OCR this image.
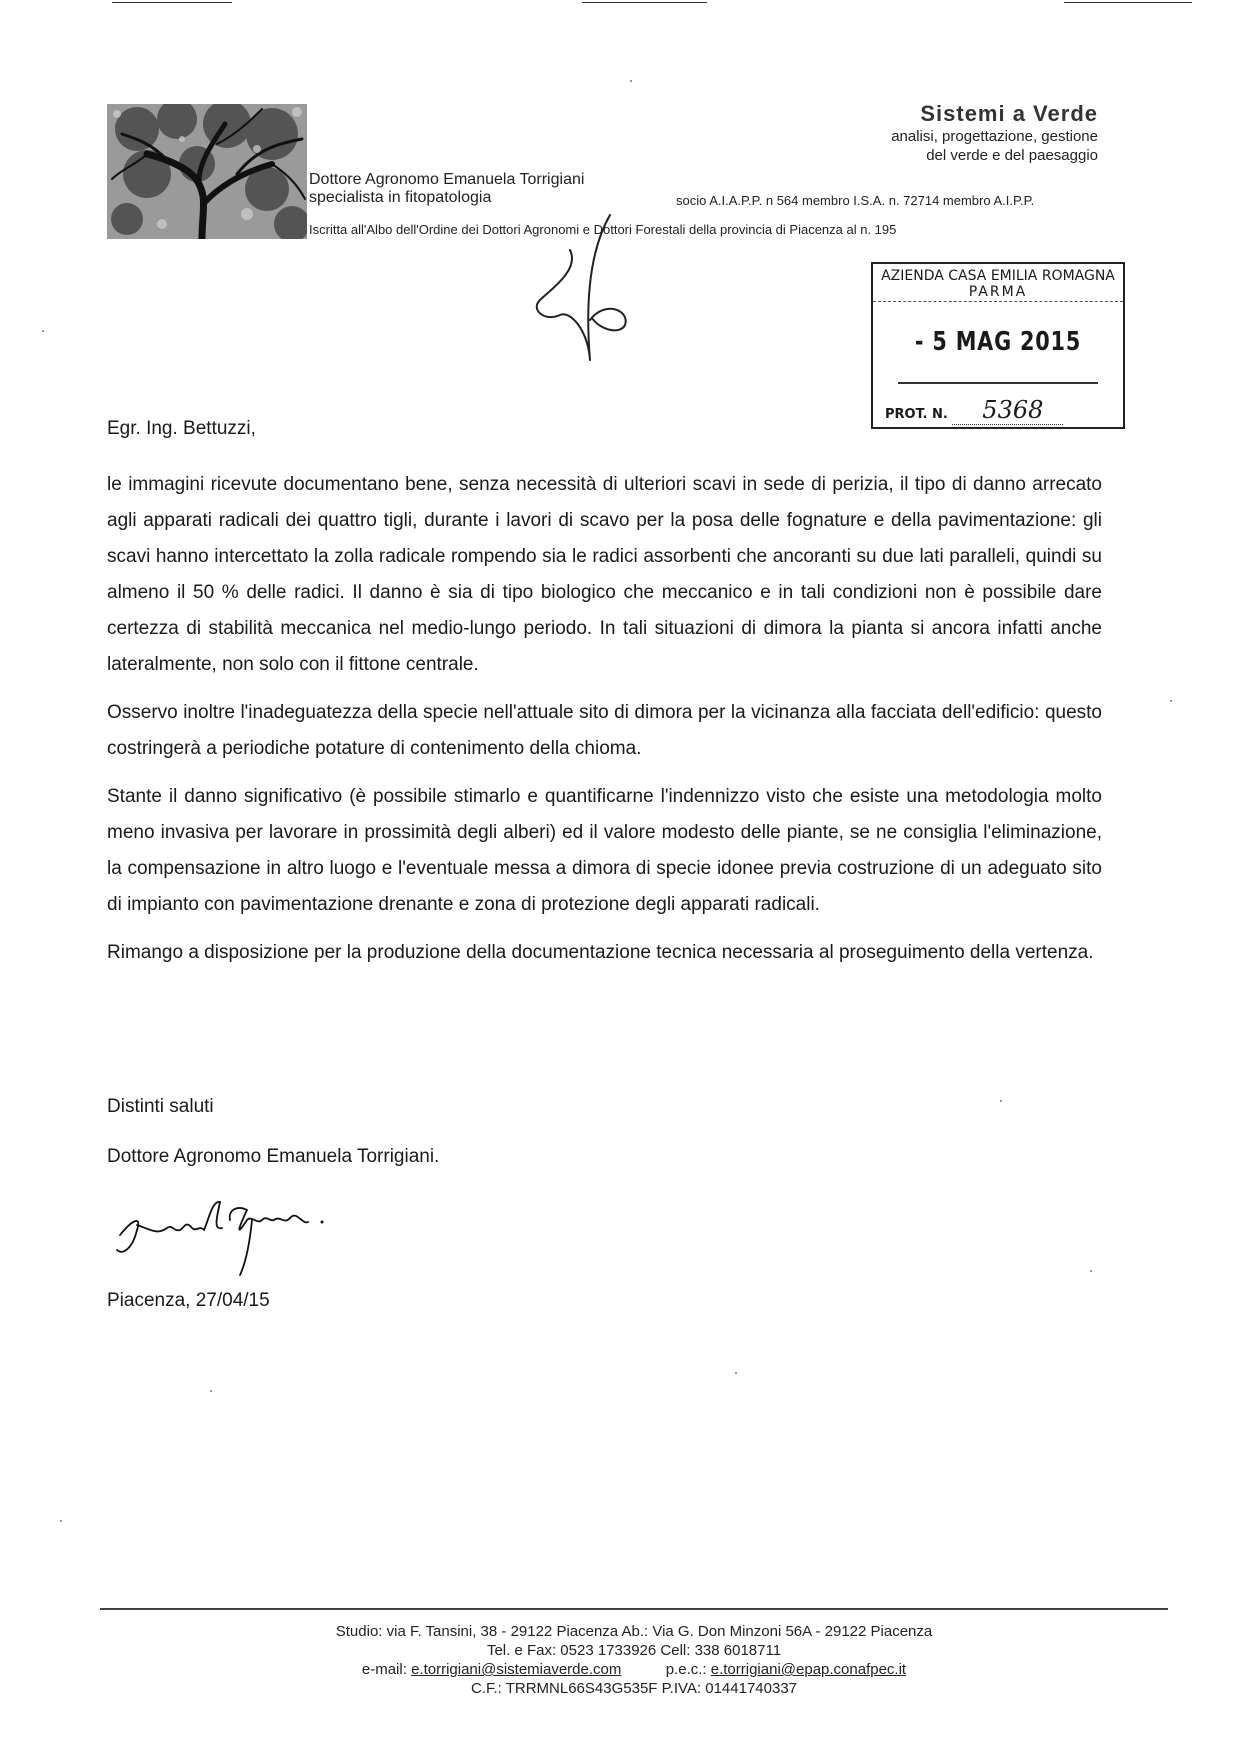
Dottore Agronomo Emanuela Torrigiani
specialista in fitopatologia
Iscritta all'Albo dell'Ordine dei Dottori Agronomi e Dottori Forestali della provincia di Piacenza al n. 195
Sistemi a Verde
analisi, progettazione, gestione
del verde e del paesaggio
socio A.I.A.P.P. n 564 membro I.S.A. n. 72714 membro A.I.P.P.
AZIENDA CASA EMILIA ROMAGNA
PARMA
- 5 MAG 2015
PROT. N. 5368
Egr. Ing. Bettuzzi,

le immagini ricevute documentano bene, senza necessità di ulteriori scavi in sede di perizia, il tipo di danno arrecato agli apparati radicali dei quattro tigli, durante i lavori di scavo per la posa delle fognature e della pavimentazione: gli scavi hanno intercettato la zolla radicale rompendo sia le radici assorbenti che ancoranti su due lati paralleli, quindi su almeno il 50 % delle radici. Il danno è sia di tipo biologico che meccanico e in tali condizioni non è possibile dare certezza di stabilità meccanica nel medio-lungo periodo. In tali situazioni di dimora la pianta si ancora infatti anche lateralmente, non solo con il fittone centrale.

Osservo inoltre l'inadeguatezza della specie nell'attuale sito di dimora per la vicinanza alla facciata dell'edificio: questo costringerà a periodiche potature di contenimento della chioma.

Stante il danno significativo (è possibile stimarlo e quantificarne l'indennizzo visto che esiste una metodologia molto meno invasiva per lavorare in prossimità degli alberi) ed il valore modesto delle piante, se ne consiglia l'eliminazione, la compensazione in altro luogo e l'eventuale messa a dimora di specie idonee previa costruzione di un adeguato sito di impianto con pavimentazione drenante e zona di protezione degli apparati radicali.

Rimango a disposizione per la produzione della documentazione tecnica necessaria al proseguimento della vertenza.

Distinti saluti
Dottore Agronomo Emanuela Torrigiani.
Piacenza, 27/04/15
Studio: via F. Tansini, 38 - 29122 Piacenza Ab.: Via G. Don Minzoni 56A - 29122 Piacenza
Tel. e Fax: 0523 1733926 Cell: 338 6018711
e-mail: e.torrigiani@sistemiaverde.com	p.e.c.: e.torrigiani@epap.conafpec.it
C.F.: TRRMNL66S43G535F P.IVA: 01441740337
